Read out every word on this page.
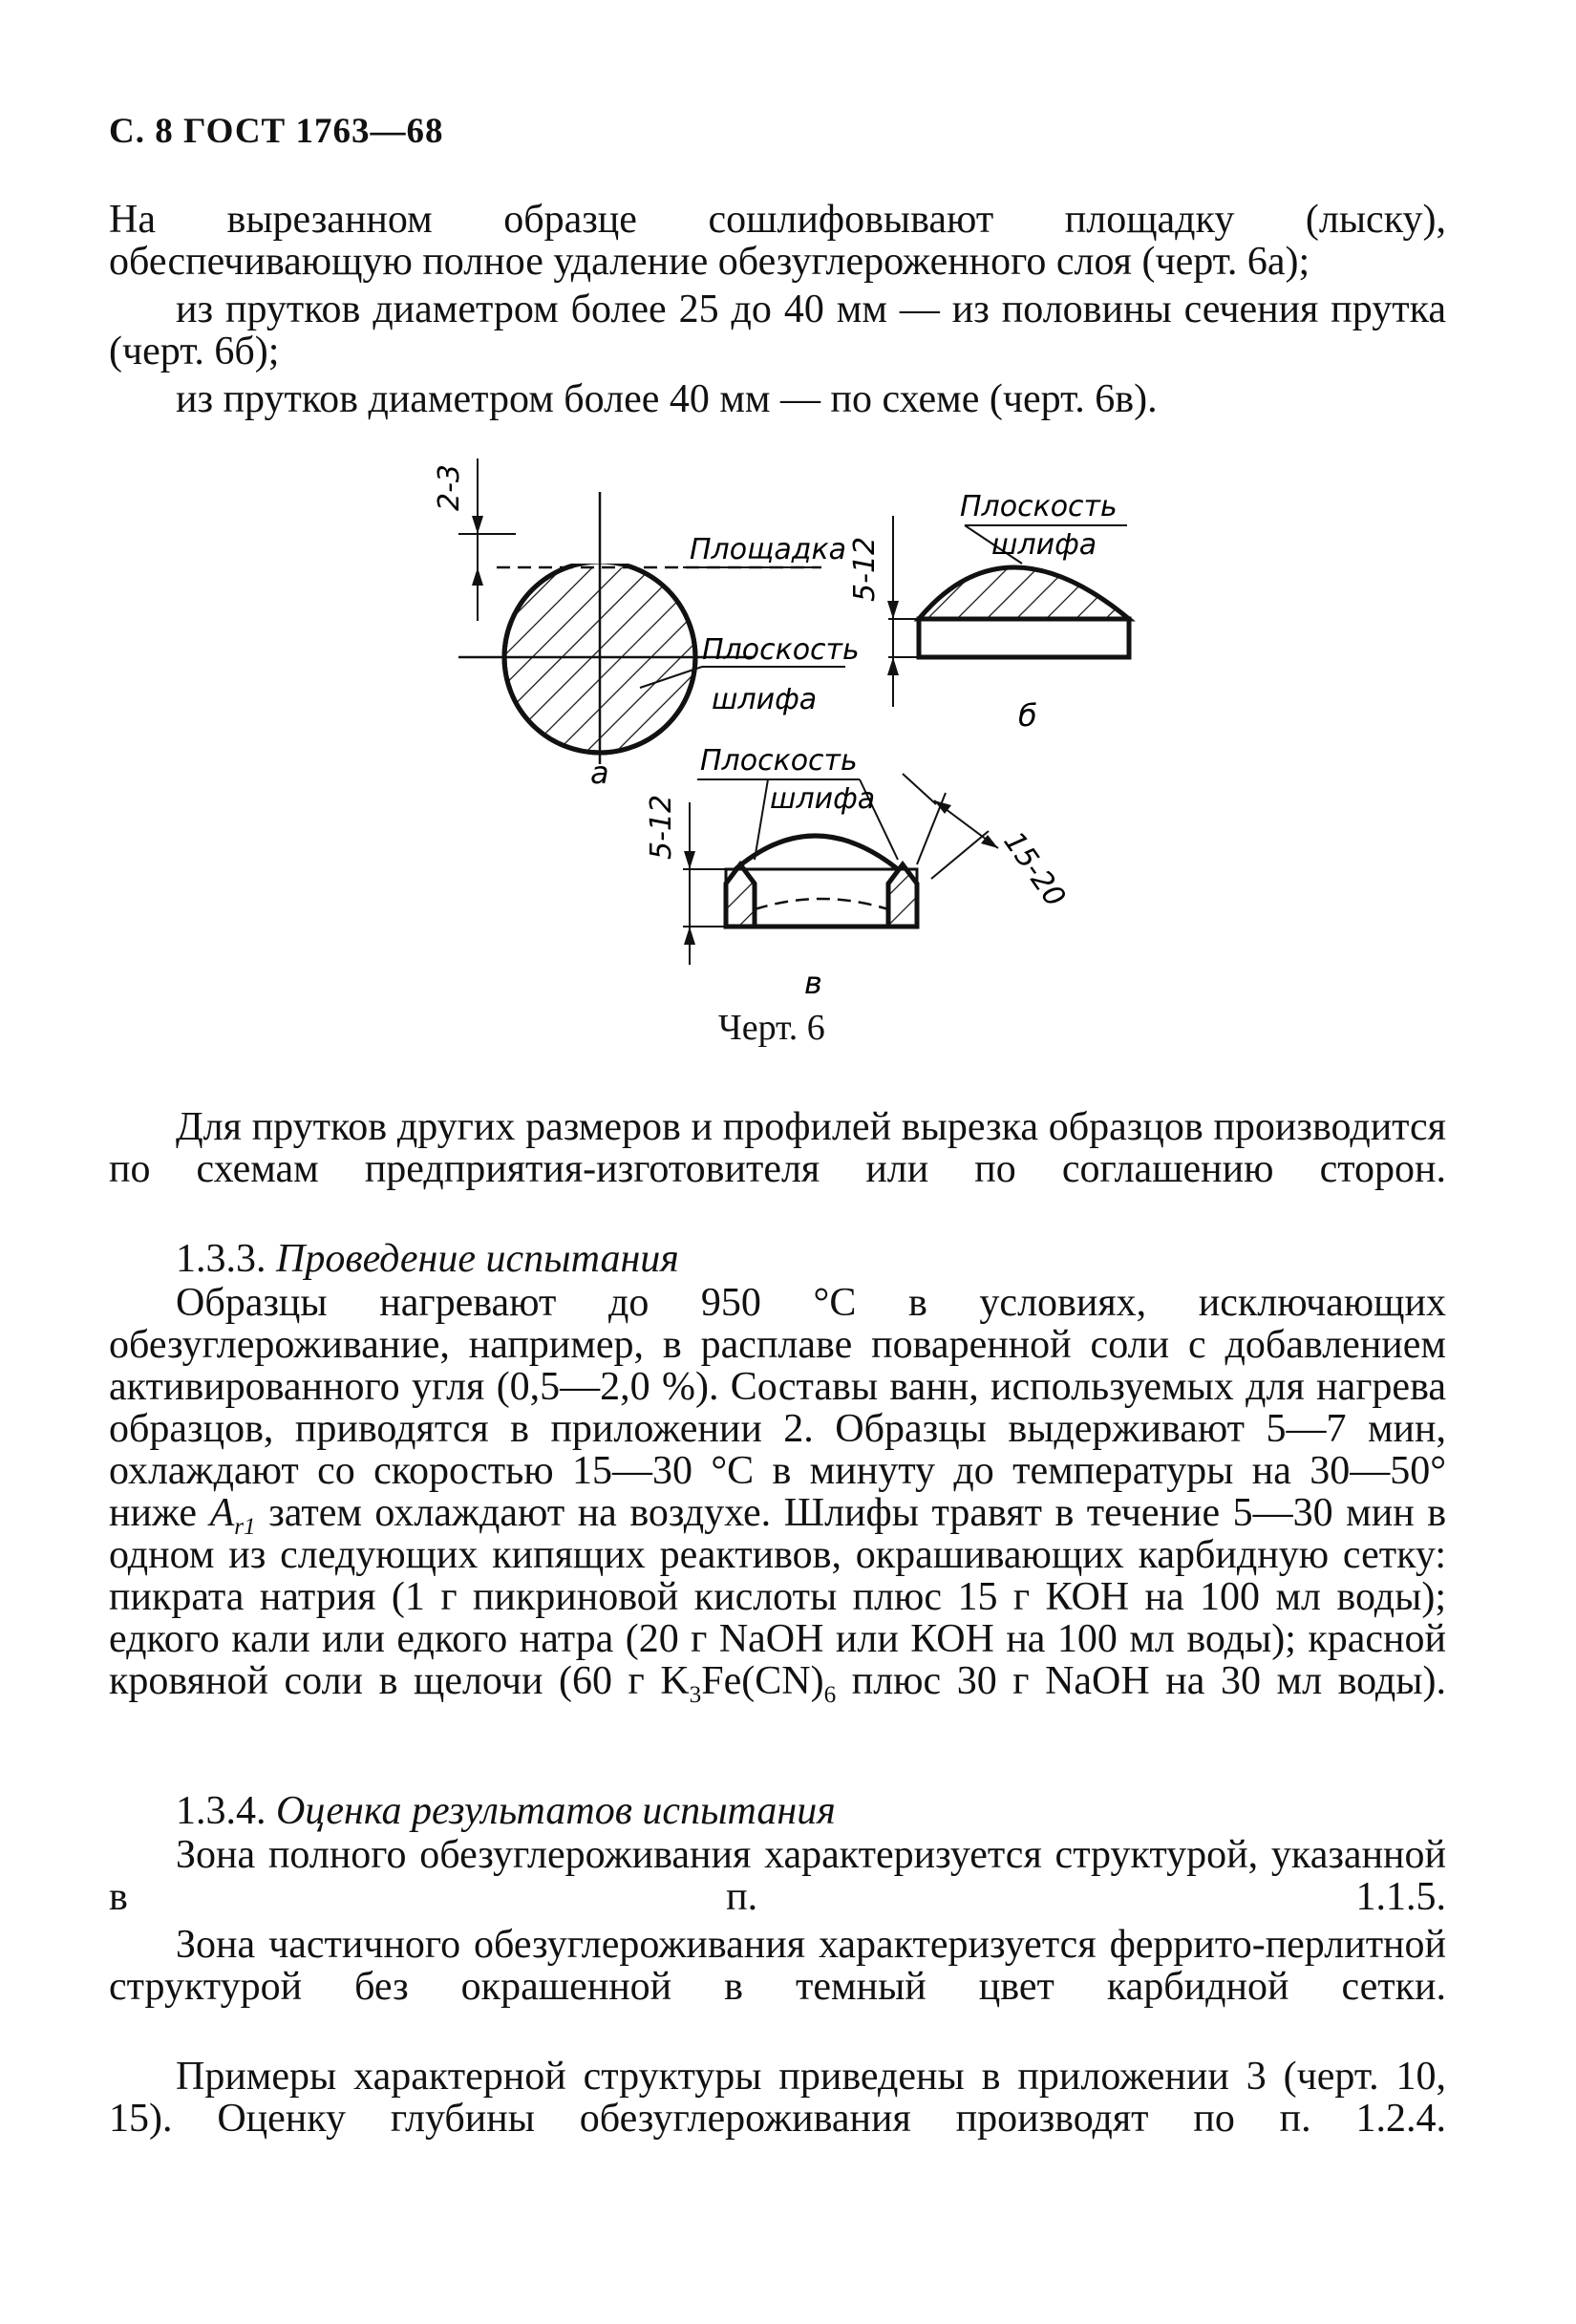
С. 8 ГОСТ 1763—68

На вырезанном образце сошлифовывают площадку (лыску), обеспечивающую полное удаление обезуглероженного слоя (черт. 6а);

из прутков диаметром более 25 до 40 мм — из половины сечения прутка (черт. 6б);

из прутков диаметром более 40 мм — по схеме (черт. 6в).

2-3
Площадка
Плоскость
шлифа
а
5-12
Плоскость
шлифа
б
5-12
Плоскость
шлифа
15-20
в
Черт. 6

Для прутков других размеров и профилей вырезка образцов производится по схемам предприятия-изготовителя или по соглашению сторон.

1.3.3. Проведение испытания

Образцы нагревают до 950 °С в условиях, исключающих обезуглероживание, например, в расплаве поваренной соли с добавлением активированного угля (0,5—2,0 %). Составы ванн, используемых для нагрева образцов, приводятся в приложении 2. Образцы выдерживают 5—7 мин, охлаждают со скоростью 15—30 °С в минуту до температуры на 30—50° ниже $A_{r1}$ затем охлаждают на воздухе. Шлифы травят в течение 5—30 мин в одном из следующих кипящих реактивов, окрашивающих карбидную сетку: пикрата натрия (1 г пикриновой кислоты плюс 15 г КОН на 100 мл воды); едкого кали или едкого натра (20 г NaOH или КОН на 100 мл воды); красной кровяной соли в щелочи (60 г $K_3Fe(CN)_6$ плюс 30 г NaOH на 30 мл воды).

1.3.4. Оценка результатов испытания

Зона полного обезуглероживания характеризуется структурой, указанной в п. 1.1.5.

Зона частичного обезуглероживания характеризуется феррито-перлитной структурой без окрашенной в темный цвет карбидной сетки.

Примеры характерной структуры приведены в приложении 3 (черт. 10, 15). Оценку глубины обезуглероживания производят по п. 1.2.4.
